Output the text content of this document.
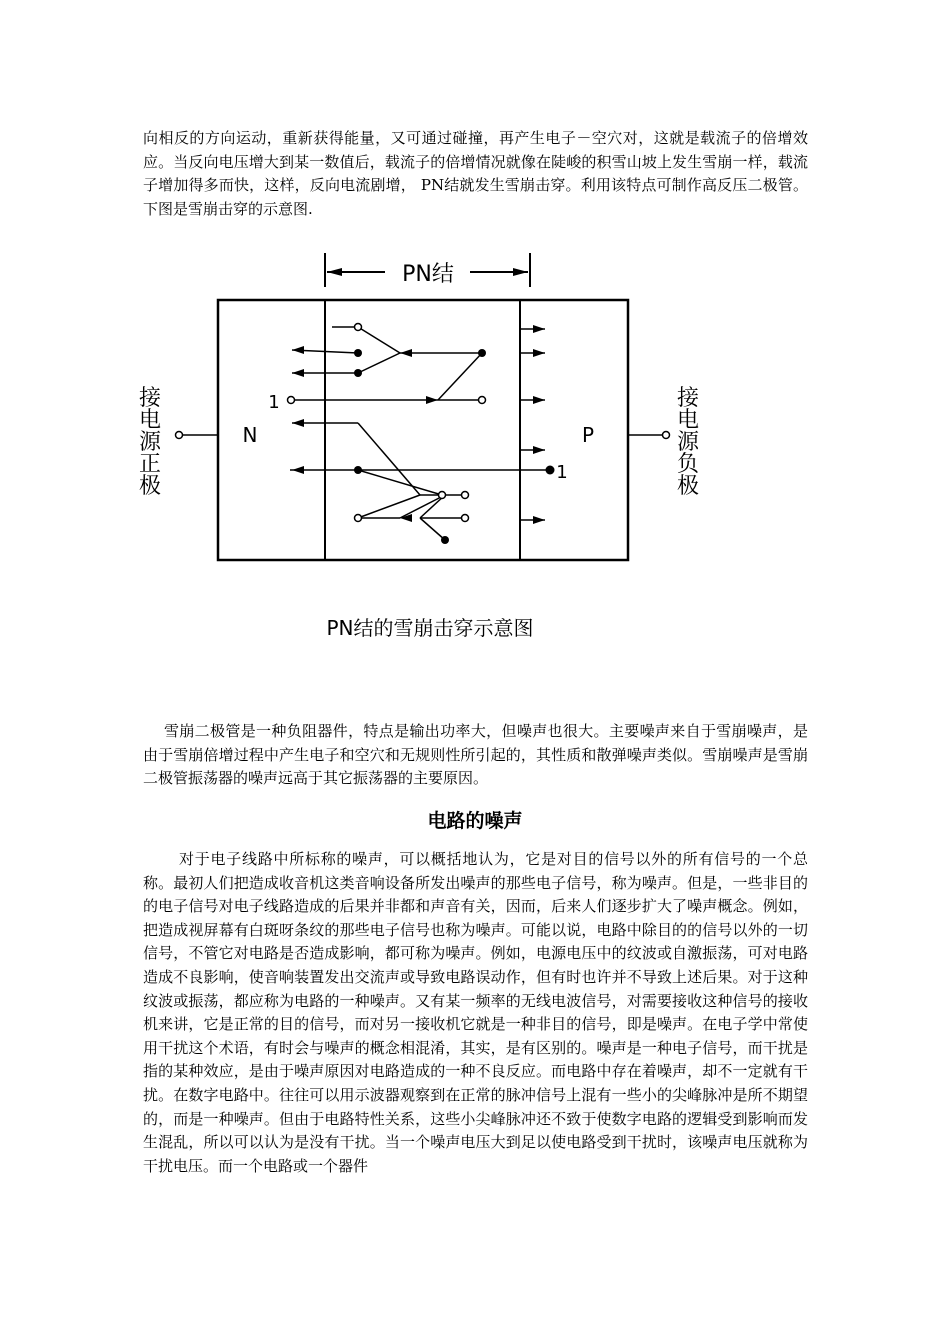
向相反的方向运动，重新获得能量，又可通过碰撞，再产生电子－空穴对，这就是载流子的倍增效应。当反向电压增大到某一数值后，载流子的倍增情况就像在陡峻的积雪山坡上发生雪崩一样，载流子增加得多而快，这样，反向电流剧增， PN结就发生雪崩击穿。利用该特点可制作高反压二极管。下图是雪崩击穿的示意图.

PN结
接
电
源
正
极
接
电
源
负
极
N	P
1
1
PN结的雪崩击穿示意图

雪崩二极管是一种负阻器件，特点是输出功率大，但噪声也很大。主要噪声来自于雪崩噪声，是由于雪崩倍增过程中产生电子和空穴和无规则性所引起的，其性质和散弹噪声类似。雪崩噪声是雪崩二极管振荡器的噪声远高于其它振荡器的主要原因。

电路的噪声

对于电子线路中所标称的噪声，可以概括地认为，它是对目的信号以外的所有信号的一个总称。最初人们把造成收音机这类音响设备所发出噪声的那些电子信号，称为噪声。但是，一些非目的的电子信号对电子线路造成的后果并非都和声音有关，因而，后来人们逐步扩大了噪声概念。例如，把造成视屏幕有白斑呀条纹的那些电子信号也称为噪声。可能以说，电路中除目的的信号以外的一切信号，不管它对电路是否造成影响，都可称为噪声。例如，电源电压中的纹波或自激振荡，可对电路造成不良影响，使音响装置发出交流声或导致电路误动作，但有时也许并不导致上述后果。对于这种纹波或振荡，都应称为电路的一种噪声。又有某一频率的无线电波信号，对需要接收这种信号的接收机来讲，它是正常的目的信号，而对另一接收机它就是一种非目的信号，即是噪声。在电子学中常使用干扰这个术语，有时会与噪声的概念相混淆，其实，是有区别的。噪声是一种电子信号，而干扰是指的某种效应，是由于噪声原因对电路造成的一种不良反应。而电路中存在着噪声，却不一定就有干扰。在数字电路中。往往可以用示波器观察到在正常的脉冲信号上混有一些小的尖峰脉冲是所不期望的，而是一种噪声。但由于电路特性关系，这些小尖峰脉冲还不致于使数字电路的逻辑受到影响而发生混乱，所以可以认为是没有干扰。当一个噪声电压大到足以使电路受到干扰时，该噪声电压就称为干扰电压。而一个电路或一个器件
